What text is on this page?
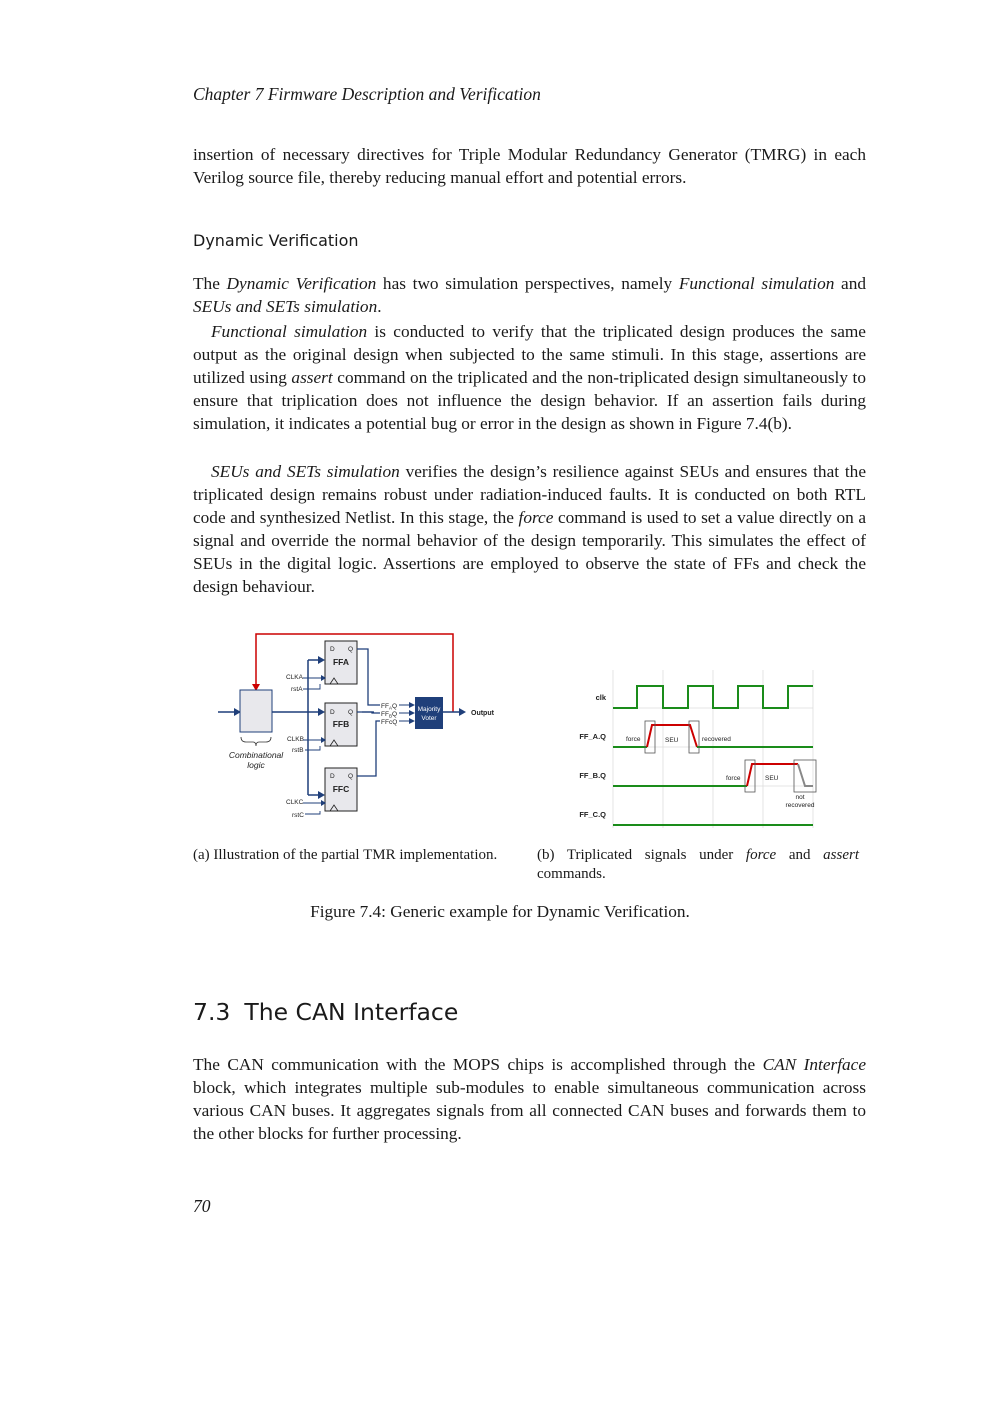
Chapter 7 Firmware Description and Verification
insertion of necessary directives for Triple Modular Redundancy Generator (TMRG) in each Verilog source file, thereby reducing manual effort and potential errors.
Dynamic Verification
The Dynamic Verification has two simulation perspectives, namely Functional simulation and SEUs and SETs simulation.
Functional simulation is conducted to verify that the triplicated design produces the same output as the original design when subjected to the same stimuli. In this stage, assertions are utilized using assert command on the triplicated and the non-triplicated design simultaneously to ensure that triplication does not influence the design behavior. If an assertion fails during simulation, it indicates a potential bug or error in the design as shown in Figure 7.4(b).
SEUs and SETs simulation verifies the design’s resilience against SEUs and ensures that the triplicated design remains robust under radiation-induced faults. It is conducted on both RTL code and synthesized Netlist. In this stage, the force command is used to set a value directly on a signal and override the normal behavior of the design temporarily. This simulates the effect of SEUs in the digital logic. Assertions are employed to observe the state of FFs and check the design behaviour.
Combinational
logic
D Q
FFA
CLKA
rstA
D Q
FFB
CLKB
rstB
D Q
FFC
CLKC
rstC
$FF_AQ$
$FF_BQ$
FFcQ
Majority
Voter
Output
clk
FF_A.Q
FF_B.Q
FF_C.Q
force	SEU	recovered
force	SEU
not
recovered
(a) Illustration of the partial TMR implementation.	(b) Triplicated signals under force and assert commands.
Figure 7.4: Generic example for Dynamic Verification.
7.3 The CAN Interface
The CAN communication with the MOPS chips is accomplished through the CAN Interface block, which integrates multiple sub-modules to enable simultaneous communication across various CAN buses. It aggregates signals from all connected CAN buses and forwards them to the other blocks for further processing.
70
